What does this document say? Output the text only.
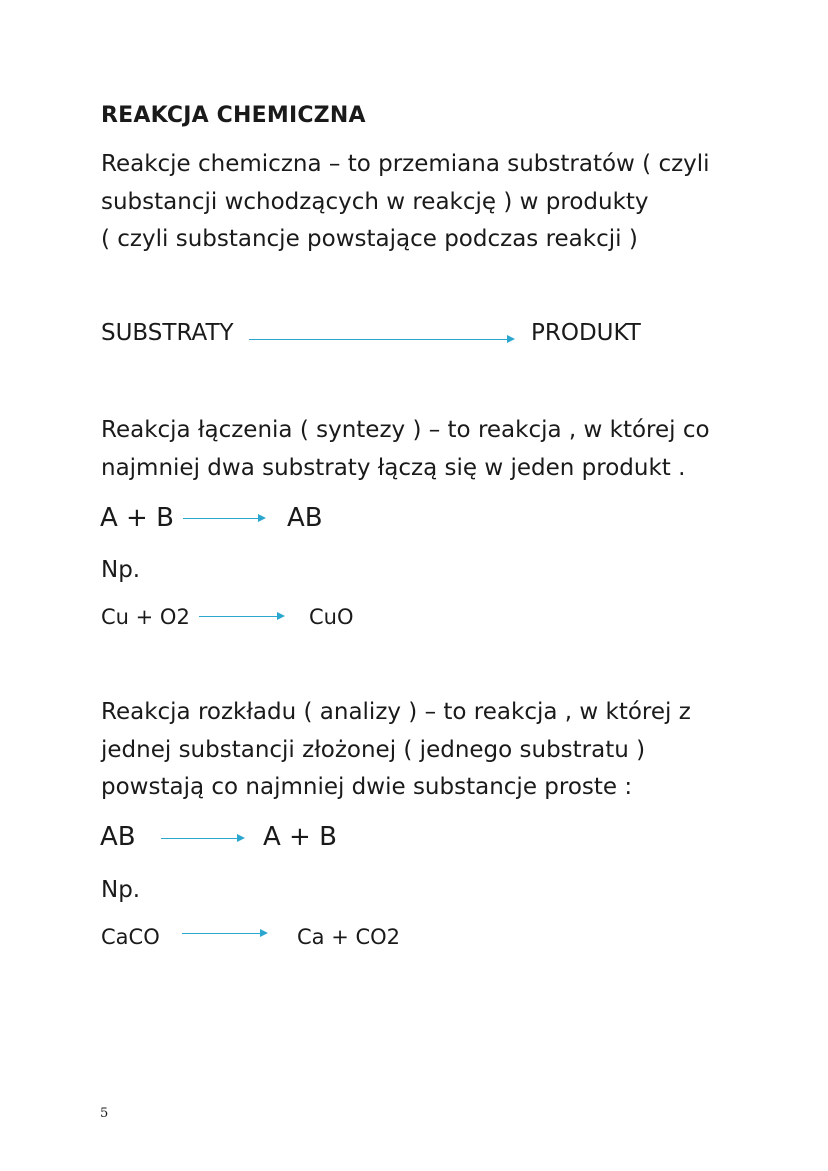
REAKCJA CHEMICZNA
Reakcje chemiczna – to przemiana substratów ( czyli
substancji wchodzących w reakcję ) w produkty
( czyli substancje powstające podczas reakcji )
SUBSTRATY	PRODUKT
Reakcja łączenia ( syntezy ) – to reakcja , w której co
najmniej dwa substraty łączą się w jeden produkt .
A + B	AB
Np.
Cu + O2	CuO
Reakcja rozkładu ( analizy ) – to reakcja , w której z
jednej substancji złożonej ( jednego substratu )
powstają co najmniej dwie substancje proste :
AB	A + B
Np.
CaCO	Ca + CO2
5
